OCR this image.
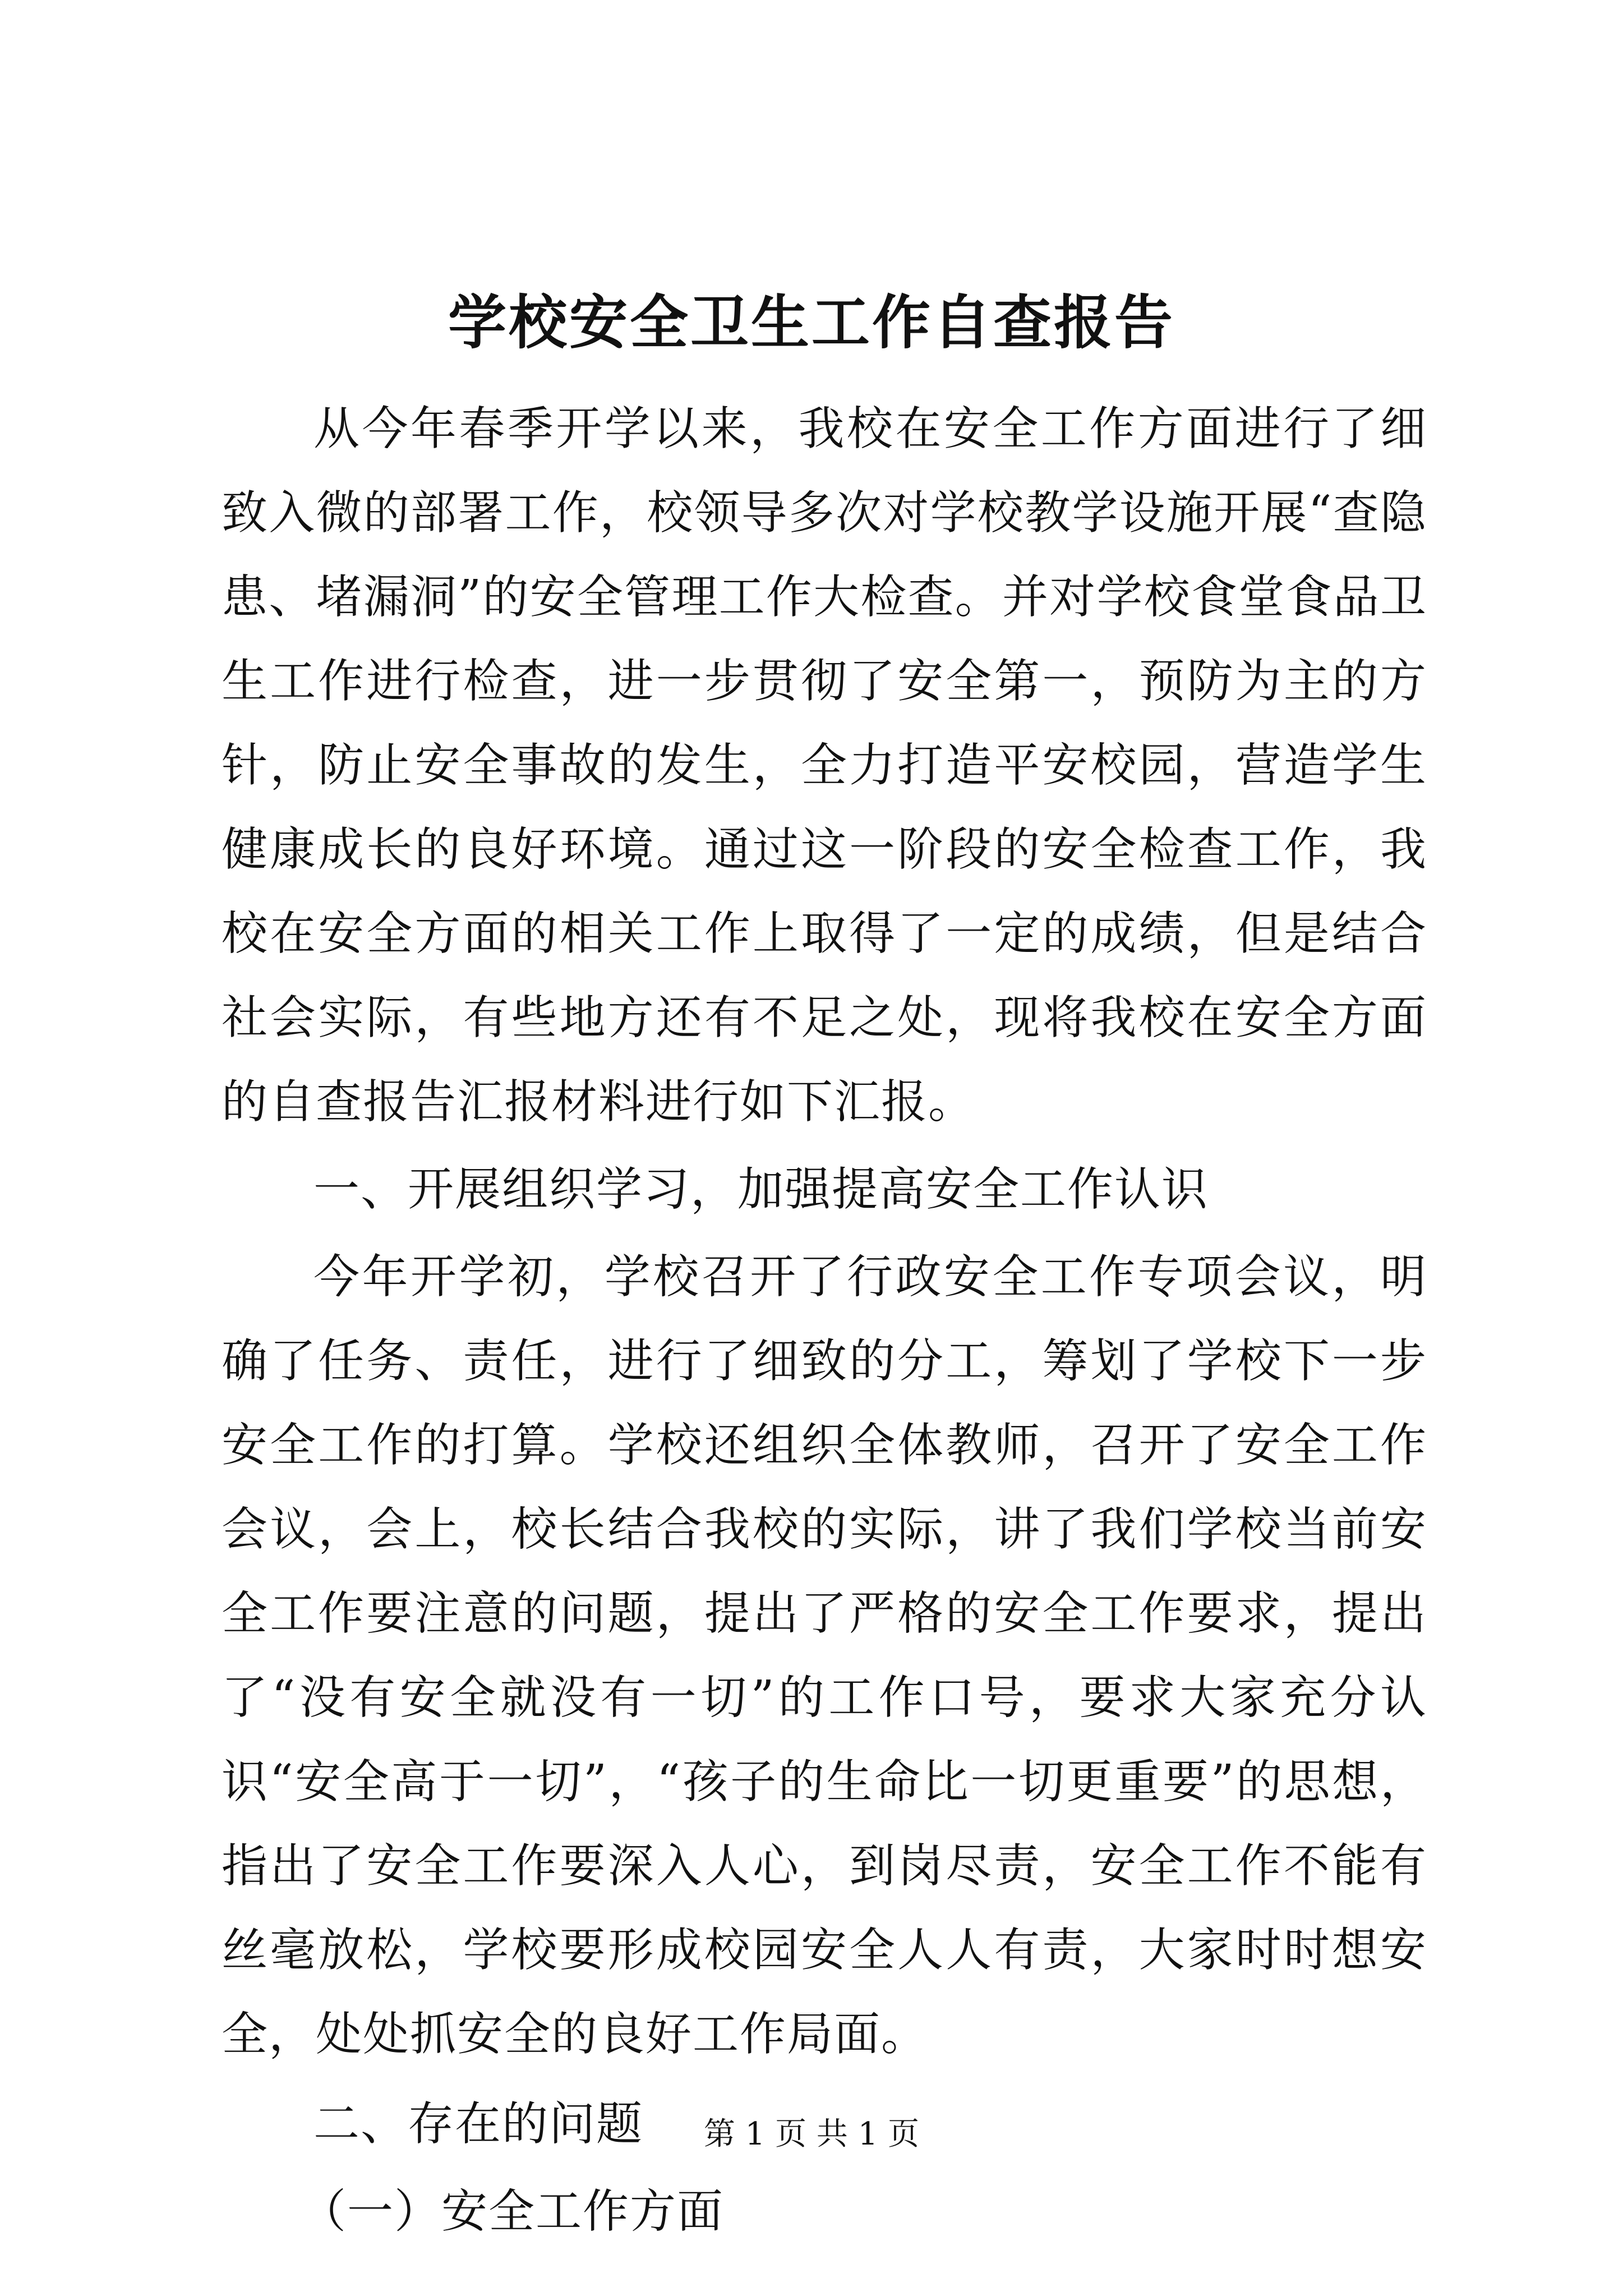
学校安全卫生工作自查报告

从今年春季开学以来，我校在安全工作方面进行了细致入微的部署工作，校领导多次对学校教学设施开展“查隐患、堵漏洞”的安全管理工作大检查。并对学校食堂食品卫生工作进行检查，进一步贯彻了安全第一，预防为主的方针，防止安全事故的发生，全力打造平安校园，营造学生健康成长的良好环境。通过这一阶段的安全检查工作，我校在安全方面的相关工作上取得了一定的成绩，但是结合社会实际，有些地方还有不足之处，现将我校在安全方面的自查报告汇报材料进行如下汇报。

一、开展组织学习，加强提高安全工作认识

今年开学初，学校召开了行政安全工作专项会议，明确了任务、责任，进行了细致的分工，筹划了学校下一步安全工作的打算。学校还组织全体教师，召开了安全工作会议，会上，校长结合我校的实际，讲了我们学校当前安全工作要注意的问题，提出了严格的安全工作要求，提出了“没有安全就没有一切”的工作口号，要求大家充分认识“安全高于一切”，“孩子的生命比一切更重要”的思想，指出了安全工作要深入人心，到岗尽责，安全工作不能有丝毫放松，学校要形成校园安全人人有责，大家时时想安全，处处抓安全的良好工作局面。

二、存在的问题

（一）安全工作方面

第 1 页 共 1 页
